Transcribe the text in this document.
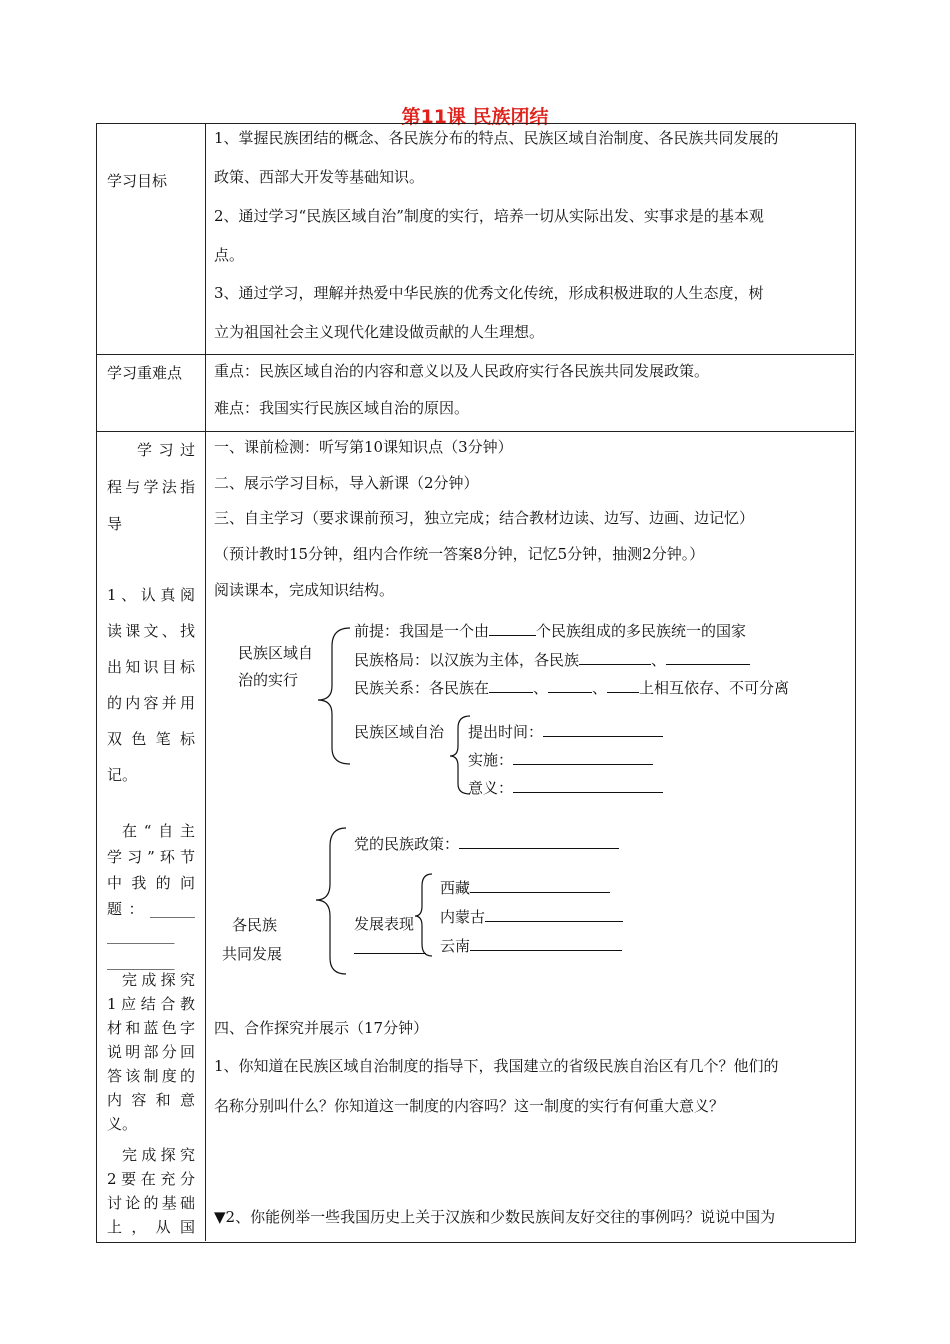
第11课 民族团结
学习目标
1、掌握民族团结的概念、各民族分布的特点、民族区域自治制度、各民族共同发展的
政策、西部大开发等基础知识。
2、通过学习“民族区域自治”制度的实行，培养一切从实际出发、实事求是的基本观
点。
3、通过学习，理解并热爱中华民族的优秀文化传统，形成积极进取的人生态度，树
立为祖国社会主义现代化建设做贡献的人生理想。
学习重难点 重点：民族区域自治的内容和意义以及人民政府实行各民族共同发展政策。
难点：我国实行民族区域自治的原因。
学习过
程与学法指
导
1、认真阅
读课文、找
出知识目标
的内容并用
双色笔标
记。
在“自主
学习”环节
中我的问
题：______
_________
_________
完成探究
1应结合教
材和蓝色字
说明部分回
答该制度的
内容和意
义。
完成探究
2要在充分
讨论的基础
上，从国
一、课前检测：听写第10课知识点（3分钟）
二、展示学习目标，导入新课（2分钟）
三、自主学习（要求课前预习，独立完成；结合教材边读、边写、边画、边记忆）
（预计教时15分钟，组内合作统一答案8分钟，记忆5分钟，抽测2分钟。）
阅读课本，完成知识结构。
民族区域自
治的实行
前提：我国是一个由	个民族组成的多民族统一的国家
民族格局：以汉族为主体，各民族	、
民族关系：各民族在	、	、 上相互依存、不可分离
民族区域自治 提出时间：
实施：
意义：
党的民族政策：
各民族
共同发展
发展表现
西藏
内蒙古
云南
四、合作探究并展示（17分钟）
1、你知道在民族区域自治制度的指导下，我国建立的省级民族自治区有几个？他们的
名称分别叫什么？你知道这一制度的内容吗？这一制度的实行有何重大意义？
▼2、你能例举一些我国历史上关于汉族和少数民族间友好交往的事例吗？说说中国为
